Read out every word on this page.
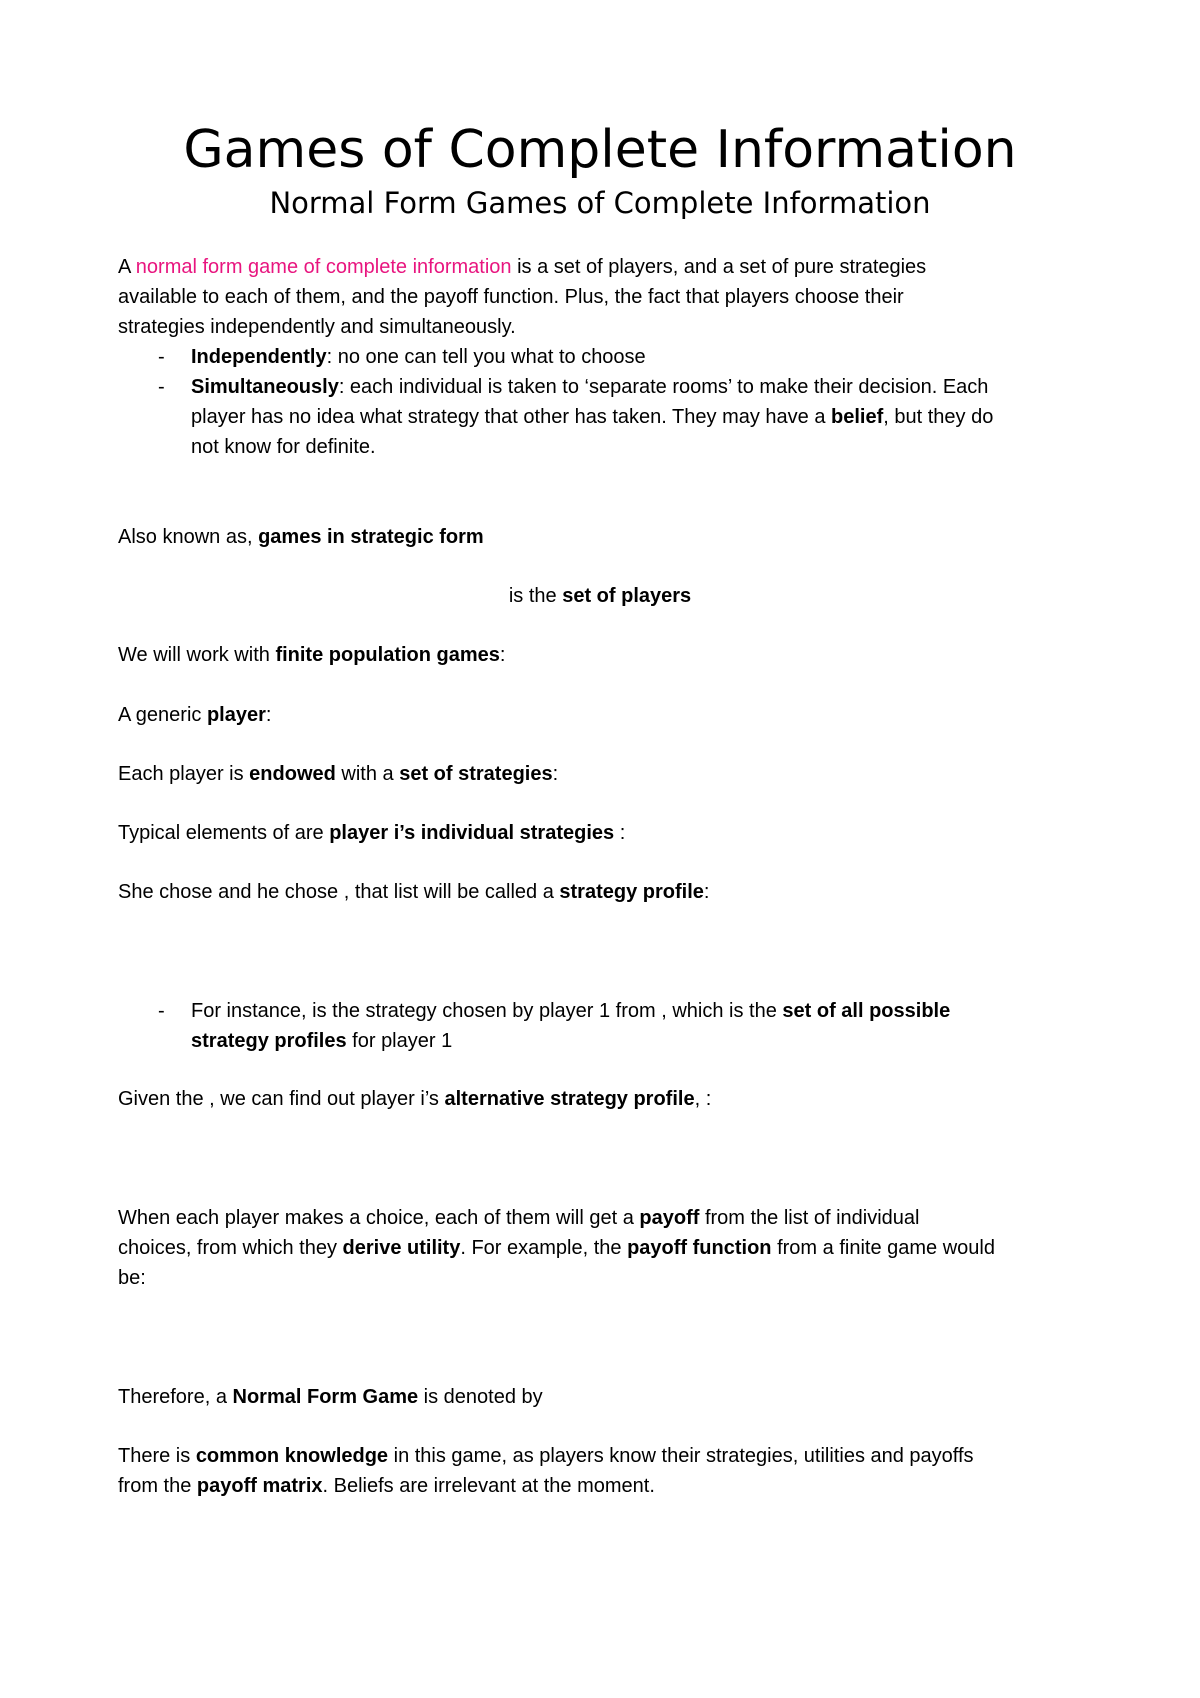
Games of Complete Information
Normal Form Games of Complete Information
A normal form game of complete information is a set of players, and a set of pure strategies
available to each of them, and the payoff function. Plus, the fact that players choose their
strategies independently and simultaneously.
- Independently: no one can tell you what to choose
- Simultaneously: each individual is taken to ‘separate rooms’ to make their decision. Each
player has no idea what strategy that other has taken. They may have a belief, but they do
not know for definite.
Also known as, games in strategic form
is the set of players
We will work with finite population games:
A generic player:
Each player is endowed with a set of strategies:
Typical elements of are player i’s individual strategies :
She chose and he chose , that list will be called a strategy profile:
- For instance, is the strategy chosen by player 1 from , which is the set of all possible
strategy profiles for player 1
Given the , we can find out player i’s alternative strategy profile, :
When each player makes a choice, each of them will get a payoff from the list of individual
choices, from which they derive utility. For example, the payoff function from a finite game would
be:
Therefore, a Normal Form Game is denoted by
There is common knowledge in this game, as players know their strategies, utilities and payoffs
from the payoff matrix. Beliefs are irrelevant at the moment.
